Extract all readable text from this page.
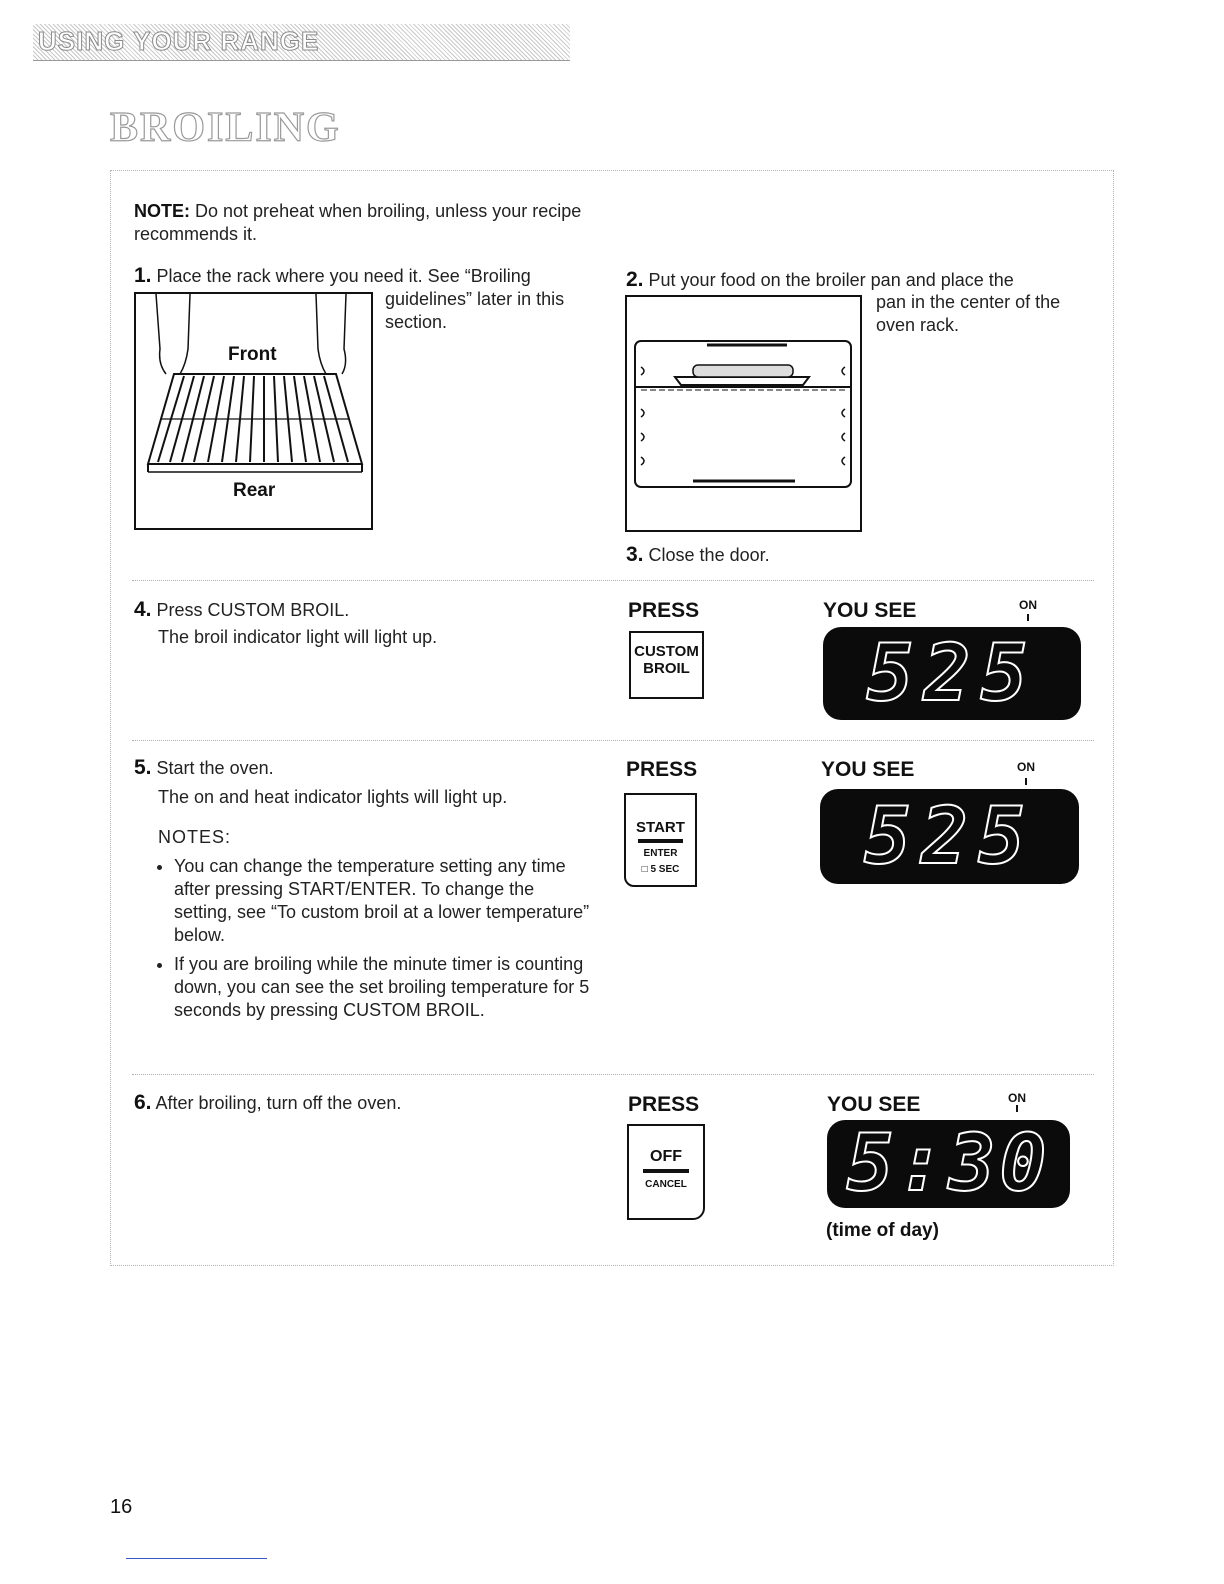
USING YOUR RANGE
BROILING
NOTE: Do not preheat when broiling, unless your recipe recommends it.
1. Place the rack where you need it. See “Broiling
guidelines” later in this section.
Front
Rear
2. Put your food on the broiler pan and place the
pan in the center of the oven rack.
3. Close the door.
4. Press CUSTOM BROIL.
The broil indicator light will light up.
PRESS
CUSTOM
BROIL
YOU SEE	ON
525
5. Start the oven.
The on and heat indicator lights will light up.
NOTES:
• You can change the temperature setting any time after pressing START/ENTER. To change the setting, see “To custom broil at a lower temperature” below.
• If you are broiling while the minute timer is counting down, you can see the set broiling temperature for 5 seconds by pressing CUSTOM BROIL.
PRESS
START
ENTER
□ 5 SEC
YOU SEE	ON
525
6. After broiling, turn off the oven.	PRESS
OFF
CANCEL
YOU SEE	ON
5:30
(time of day)
16
